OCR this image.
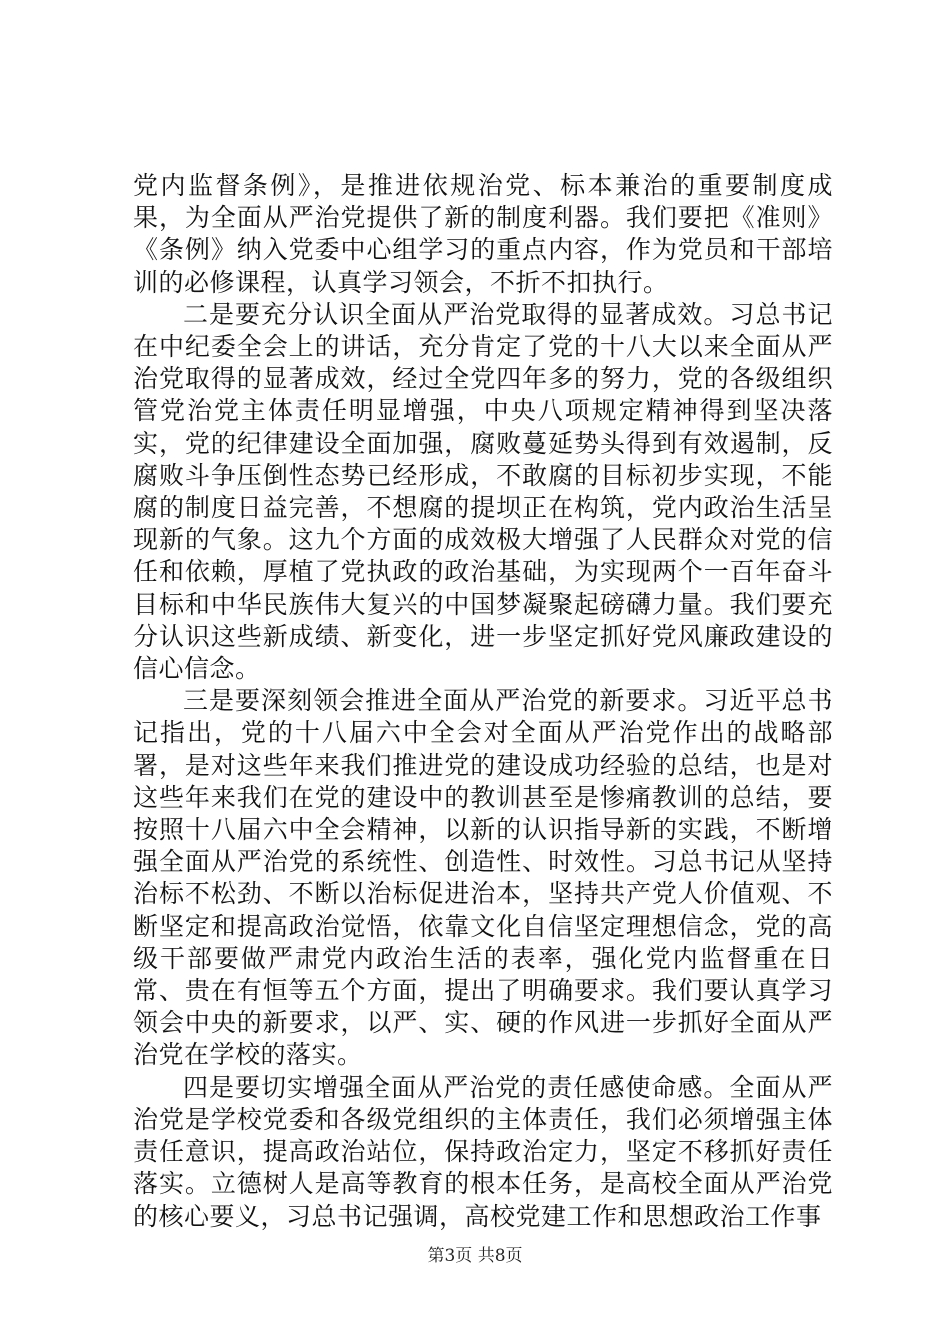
党内监督条例》，是推进依规治党、标本兼治的重要制度成果，为全面从严治党提供了新的制度利器。我们要把《准则》《条例》纳入党委中心组学习的重点内容，作为党员和干部培训的必修课程，认真学习领会，不折不扣执行。

二是要充分认识全面从严治党取得的显著成效。习总书记在中纪委全会上的讲话，充分肯定了党的十八大以来全面从严治党取得的显著成效，经过全党四年多的努力，党的各级组织管党治党主体责任明显增强，中央八项规定精神得到坚决落实，党的纪律建设全面加强，腐败蔓延势头得到有效遏制，反腐败斗争压倒性态势已经形成，不敢腐的目标初步实现，不能腐的制度日益完善，不想腐的提坝正在构筑，党内政治生活呈现新的气象。这九个方面的成效极大增强了人民群众对党的信任和依赖，厚植了党执政的政治基础，为实现两个一百年奋斗目标和中华民族伟大复兴的中国梦凝聚起磅礴力量。我们要充分认识这些新成绩、新变化，进一步坚定抓好党风廉政建设的信心信念。

三是要深刻领会推进全面从严治党的新要求。习近平总书记指出，党的十八届六中全会对全面从严治党作出的战略部署，是对这些年来我们推进党的建设成功经验的总结，也是对这些年来我们在党的建设中的教训甚至是惨痛教训的总结，要按照十八届六中全会精神，以新的认识指导新的实践，不断增强全面从严治党的系统性、创造性、时效性。习总书记从坚持治标不松劲、不断以治标促进治本，坚持共产党人价值观、不断坚定和提高政治觉悟，依靠文化自信坚定理想信念，党的高级干部要做严肃党内政治生活的表率，强化党内监督重在日常、贵在有恒等五个方面，提出了明确要求。我们要认真学习领会中央的新要求，以严、实、硬的作风进一步抓好全面从严治党在学校的落实。

四是要切实增强全面从严治党的责任感使命感。全面从严治党是学校党委和各级党组织的主体责任，我们必须增强主体责任意识，提高政治站位，保持政治定力，坚定不移抓好责任落实。立德树人是高等教育的根本任务，是高校全面从严治党的核心要义，习总书记强调，高校党建工作和思想政治工作事

第3页 共8页
